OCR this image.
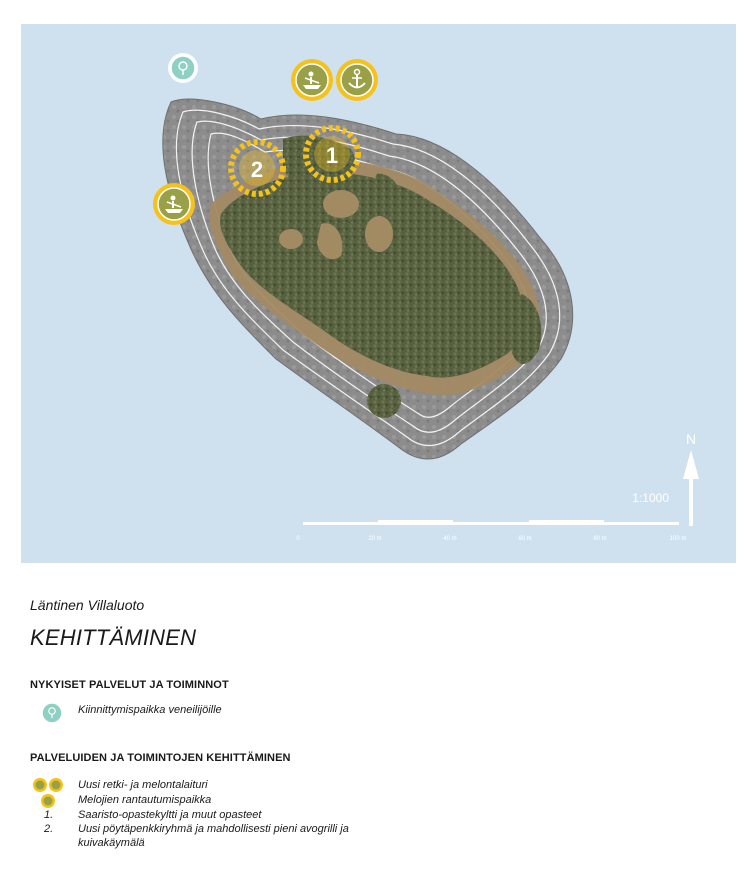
1
2
N
1:1000
0	20 m	40 m	60 m	80 m	100 m

Läntinen Villaluoto

KEHITTÄMINEN

NYKYISET PALVELUT JA TOIMINNOT

Kiinnittymispaikka veneilijöille

PALVELUIDEN JA TOIMINTOJEN KEHITTÄMINEN

Uusi retki- ja melontalaituri
Melojien rantautumispaikka
1. Saaristo-opastekyltti ja muut opasteet
2. Uusi pöytäpenkkiryhmä ja mahdollisesti pieni avogrilli ja
kuivakäymälä
